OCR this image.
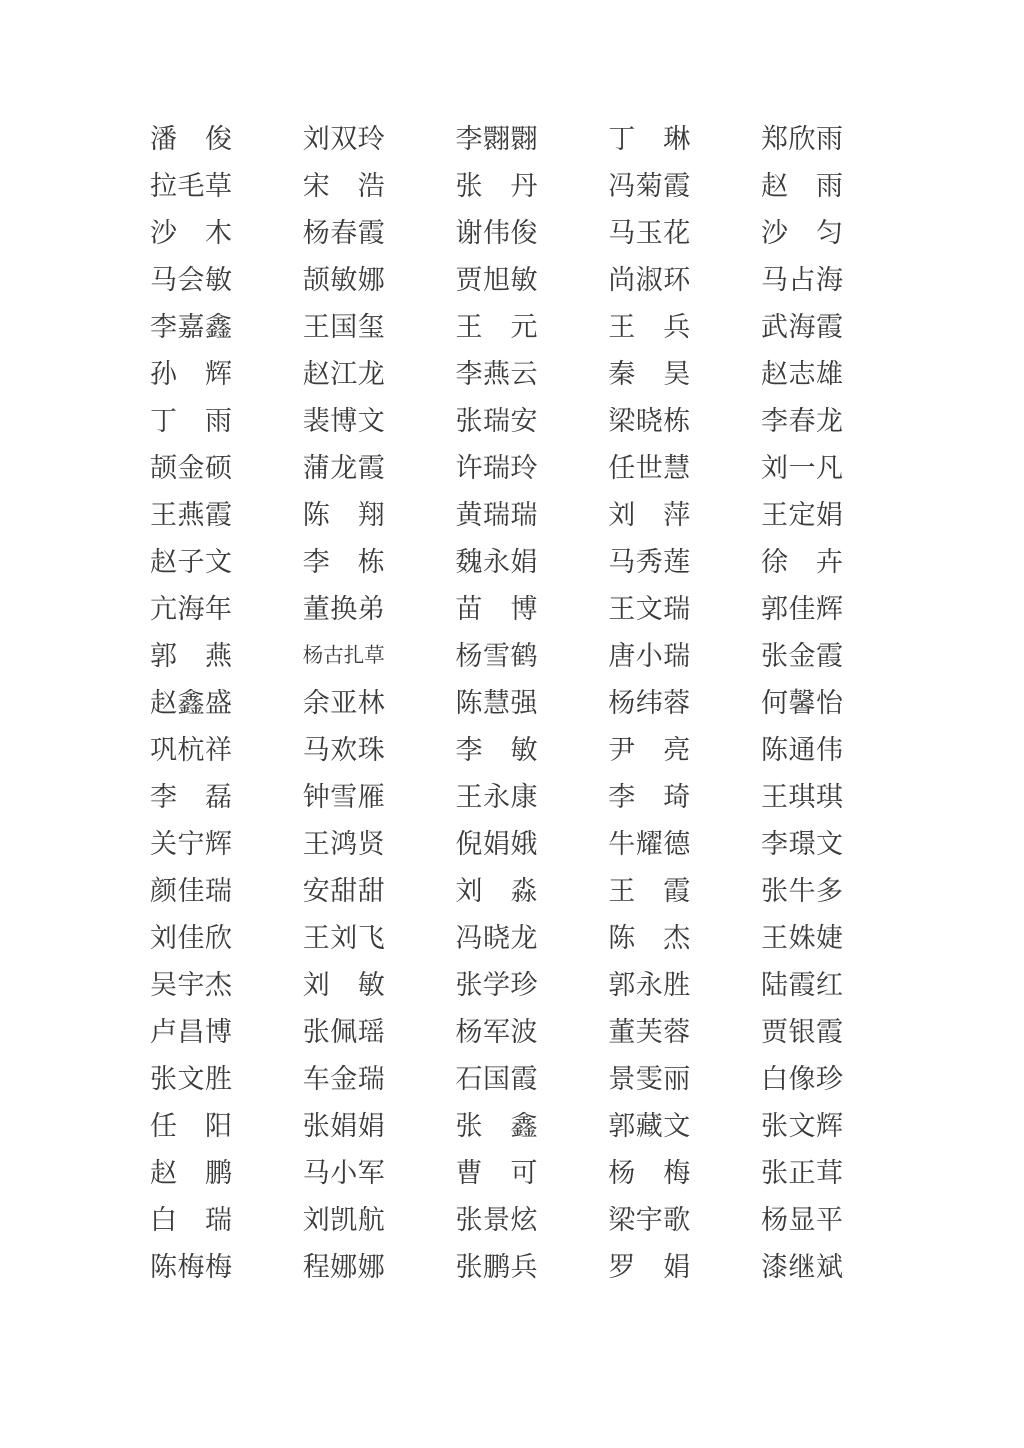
潘　俊	刘双玲	李翾翾	丁　琳	郑欣雨
拉毛草	宋　浩	张　丹	冯菊霞	赵　雨
沙　木	杨春霞	谢伟俊	马玉花	沙　匀
马会敏	颉敏娜	贾旭敏	尚淑环	马占海
李嘉鑫	王国玺	王　元	王　兵	武海霞
孙　辉	赵江龙	李燕云	秦　昊	赵志雄
丁　雨	裴博文	张瑞安	梁晓栋	李春龙
颉金硕	蒲龙霞	许瑞玲	任世慧	刘一凡
王燕霞	陈　翔	黄瑞瑞	刘　萍	王定娟
赵子文	李　栋	魏永娟	马秀莲	徐　卉
亢海年	董换弟	苗　博	王文瑞	郭佳辉
郭　燕	杨古扎草	杨雪鹤	唐小瑞	张金霞
赵鑫盛	余亚林	陈慧强	杨纬蓉	何馨怡
巩杭祥	马欢珠	李　敏	尹　亮	陈通伟
李　磊	钟雪雁	王永康	李　琦	王琪琪
关宁辉	王鸿贤	倪娟娥	牛耀德	李璟文
颜佳瑞	安甜甜	刘　淼	王　霞	张牛多
刘佳欣	王刘飞	冯晓龙	陈　杰	王姝婕
吴宇杰	刘　敏	张学珍	郭永胜	陆霞红
卢昌博	张佩瑶	杨军波	董芙蓉	贾银霞
张文胜	车金瑞	石国霞	景雯丽	白像珍
任　阳	张娟娟	张　鑫	郭藏文	张文辉
赵　鹏	马小军	曹　可	杨　梅	张正茸
白　瑞	刘凯航	张景炫	梁宇歌	杨显平
陈梅梅	程娜娜	张鹏兵	罗　娟	漆继斌
